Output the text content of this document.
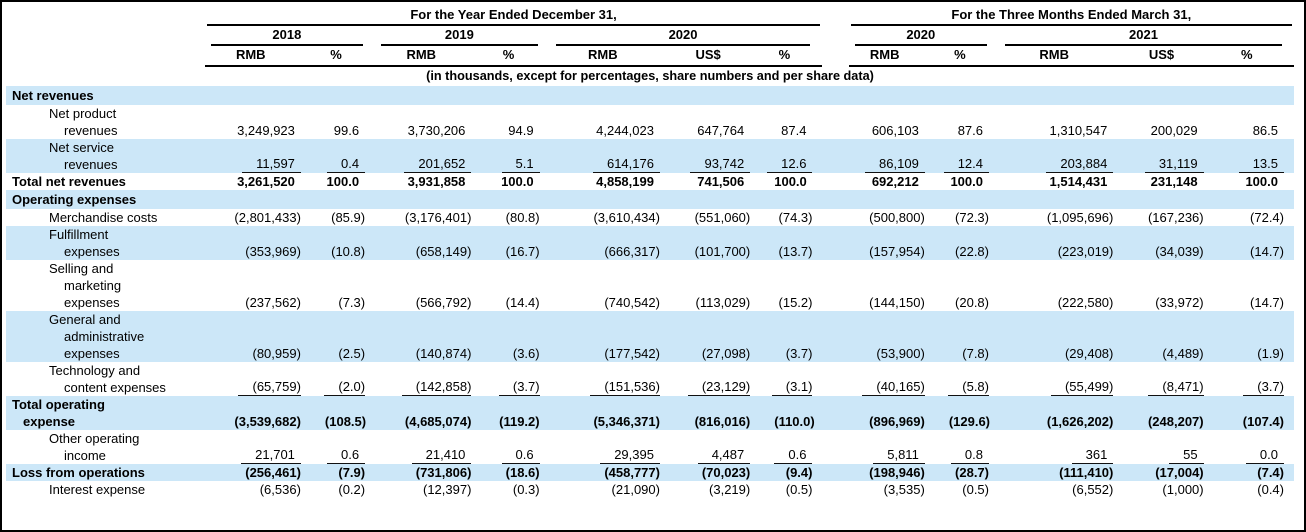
	For the Year Ended December 31,								For the Three Months Ended March 31,				

	2018		2019		2020				2020		2021		

	RMB	%	RMB	%	RMB	US$	%		RMB	%	RMB	US$	%
(in thousands, except for percentages, share numbers and per share data)													

Net revenues													

Net product
revenues	3,249,923	99.6	3,730,206	94.9	4,244,023	647,764	87.4		606,103	87.6	1,310,547	200,029	86.5

Net service
revenues	11,597	0.4	201,652	5.1	614,176	93,742	12.6		86,109	12.4	203,884	31,119	13.5

Total net revenues	3,261,520	100.0	3,931,858	100.0	4,858,199	741,506	100.0		692,212	100.0	1,514,431	231,148	100.0

Operating expenses													

Merchandise costs	(2,801,433)	(85.9)	(3,176,401)	(80.8)	(3,610,434)	(551,060)	(74.3)		(500,800)	(72.3)	(1,095,696)	(167,236)	(72.4)

Fulfillment
expenses	(353,969)	(10.8)	(658,149)	(16.7)	(666,317)	(101,700)	(13.7)		(157,954)	(22.8)	(223,019)	(34,039)	(14.7)

Selling and
marketing
expenses	(237,562)	(7.3)	(566,792)	(14.4)	(740,542)	(113,029)	(15.2)		(144,150)	(20.8)	(222,580)	(33,972)	(14.7)

General and
administrative
expenses	(80,959)	(2.5)	(140,874)	(3.6)	(177,542)	(27,098)	(3.7)		(53,900)	(7.8)	(29,408)	(4,489)	(1.9)

Technology and
content expenses	(65,759)	(2.0)	(142,858)	(3.7)	(151,536)	(23,129)	(3.1)		(40,165)	(5.8)	(55,499)	(8,471)	(3.7)

Total operating
expense	(3,539,682)	(108.5)	(4,685,074)	(119.2)	(5,346,371)	(816,016)	(110.0)		(896,969)	(129.6)	(1,626,202)	(248,207)	(107.4)

Other operating
income	21,701	0.6	21,410	0.6	29,395	4,487	0.6		5,811	0.8	361	55	0.0

Loss from operations	(256,461)	(7.9)	(731,806)	(18.6)	(458,777)	(70,023)	(9.4)		(198,946)	(28.7)	(111,410)	(17,004)	(7.4)

Interest expense	(6,536)	(0.2)	(12,397)	(0.3)	(21,090)	(3,219)	(0.5)		(3,535)	(0.5)	(6,552)	(1,000)	(0.4)
